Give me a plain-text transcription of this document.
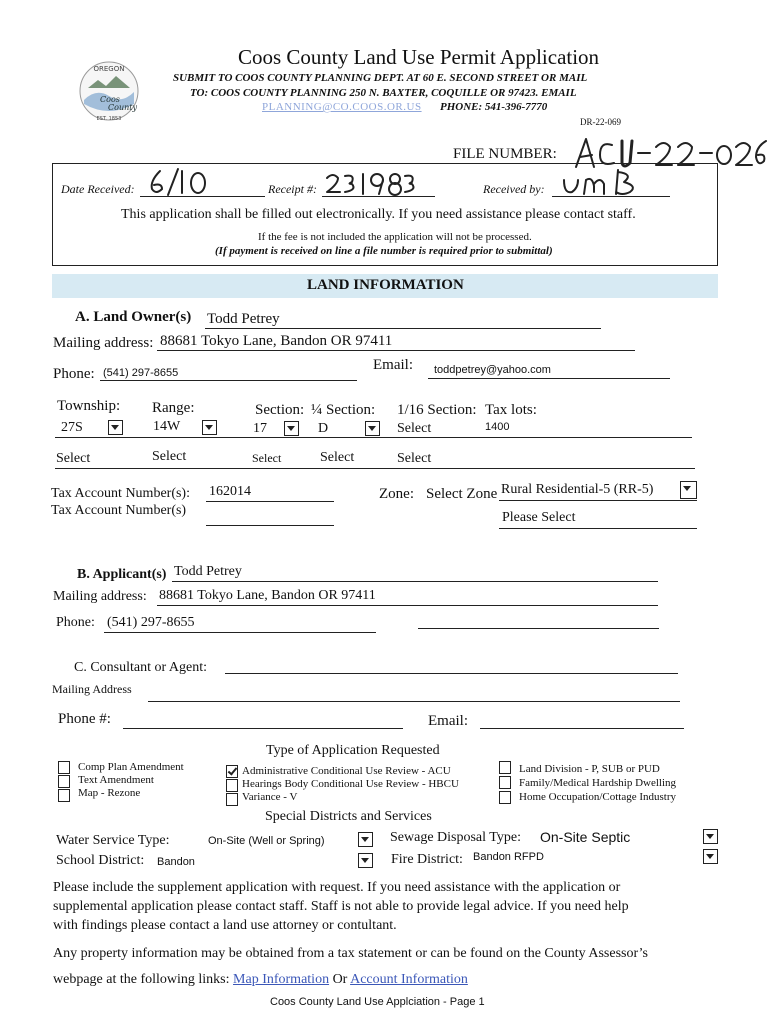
OREGON
Coos
County
EST. 1853
Coos County Land Use Permit Application
SUBMIT TO COOS COUNTY PLANNING DEPT. AT 60 E. SECOND STREET OR MAIL
TO: COOS COUNTY PLANNING 250 N. BAXTER, COQUILLE OR 97423. EMAIL
PLANNING@CO.COOS.OR.US PHONE: 541-396-7770
DR-22-069
FILE NUMBER:
Date Received:	Receipt #:	Received by:
This application shall be filled out electronically. If you need assistance please contact staff.
If the fee is not included the application will not be processed.
(If payment is received on line a file number is required prior to submittal)
LAND INFORMATION
A. Land Owner(s) Todd Petrey
Mailing address: 88681 Tokyo Lane, Bandon OR 97411
Phone: (541) 297-8655	Email: toddpetrey@yahoo.com
Township: Range:	Section: ¼ Section: 1/16 Section: Tax lots:
27S	14W	17	D	Select	1400
Select	Select	Select	Select	Select
Tax Account Number(s): 162014
Tax Account Number(s)
Zone: Select Zone Rural Residential-5 (RR-5)
Please Select
B. Applicant(s) Todd Petrey
Mailing address: 88681 Tokyo Lane, Bandon OR 97411
Phone: (541) 297-8655
C. Consultant or Agent:
Mailing Address
Phone #:	Email:
Type of Application Requested
Comp Plan Amendment
Text Amendment
Map - Rezone
Administrative Conditional Use Review - ACU
Hearings Body Conditional Use Review - HBCU
Variance - V
Land Division - P, SUB or PUD
Family/Medical Hardship Dwelling
Home Occupation/Cottage Industry
Special Districts and Services
Water Service Type:	On-Site (Well or Spring)	Sewage Disposal Type: On-Site Septic
School District: Bandon	Fire District: Bandon RFPD
Please include the supplement application with request. If you need assistance with the application or
supplemental application please contact staff. Staff is not able to provide legal advice. If you need help
with findings please contact a land use attorney or contultant.
Any property information may be obtained from a tax statement or can be found on the County Assessor’s
webpage at the following links: Map Information Or Account Information
Coos County Land Use Applciation - Page 1
